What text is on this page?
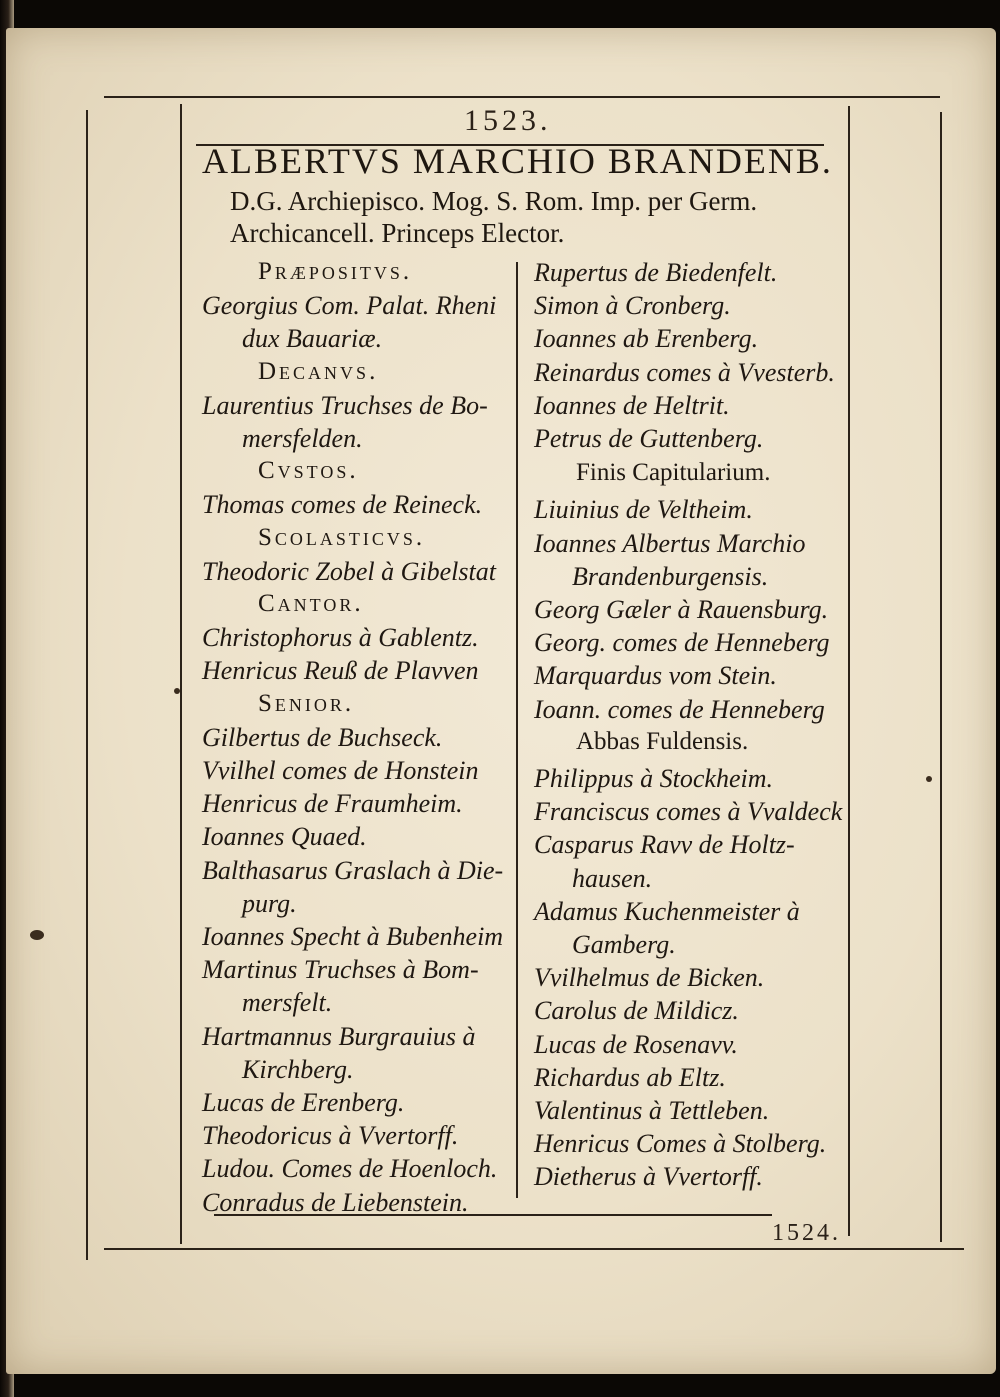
1523.
ALBERTVS MARCHIO BRANDENB.
D.G. Archiepisco. Mog. S. Rom. Imp. per Germ.
Archicancell. Princeps Elector.
Præpositvs.
Georgius Com. Palat. Rheni
dux Bauariæ.
Decanvs.
Laurentius Truchses de Bo-
mersfelden.
Cvstos.
Thomas comes de Reineck.
Scolasticvs.
Theodoric Zobel à Gibelstat
Cantor.
Christophorus à Gablentz.
Henricus Reuß de Plavven
Senior.
Gilbertus de Buchseck.
Vvilhel comes de Honstein
Henricus de Fraumheim.
Ioannes Quaed.
Balthasarus Graslach à Die-
purg.
Ioannes Specht à Bubenheim
Martinus Truchses à Bom-
mersfelt.
Hartmannus Burgrauius à
Kirchberg.
Lucas de Erenberg.
Theodoricus à Vvertorff.
Ludou. Comes de Hoenloch.
Conradus de Liebenstein.
Rupertus de Biedenfelt.
Simon à Cronberg.
Ioannes ab Erenberg.
Reinardus comes à Vvesterb.
Ioannes de Heltrit.
Petrus de Guttenberg.
Finis Capitularium.
Liuinius de Veltheim.
Ioannes Albertus Marchio
Brandenburgensis.
Georg Gæler à Rauensburg.
Georg. comes de Henneberg
Marquardus vom Stein.
Ioann. comes de Henneberg
Abbas Fuldensis.
Philippus à Stockheim.
Franciscus comes à Vvaldeck
Casparus Ravv de Holtz-
hausen.
Adamus Kuchenmeister à
Gamberg.
Vvilhelmus de Bicken.
Carolus de Mildicz.
Lucas de Rosenavv.
Richardus ab Eltz.
Valentinus à Tettleben.
Henricus Comes à Stolberg.
Dietherus à Vvertorff.
1524.
